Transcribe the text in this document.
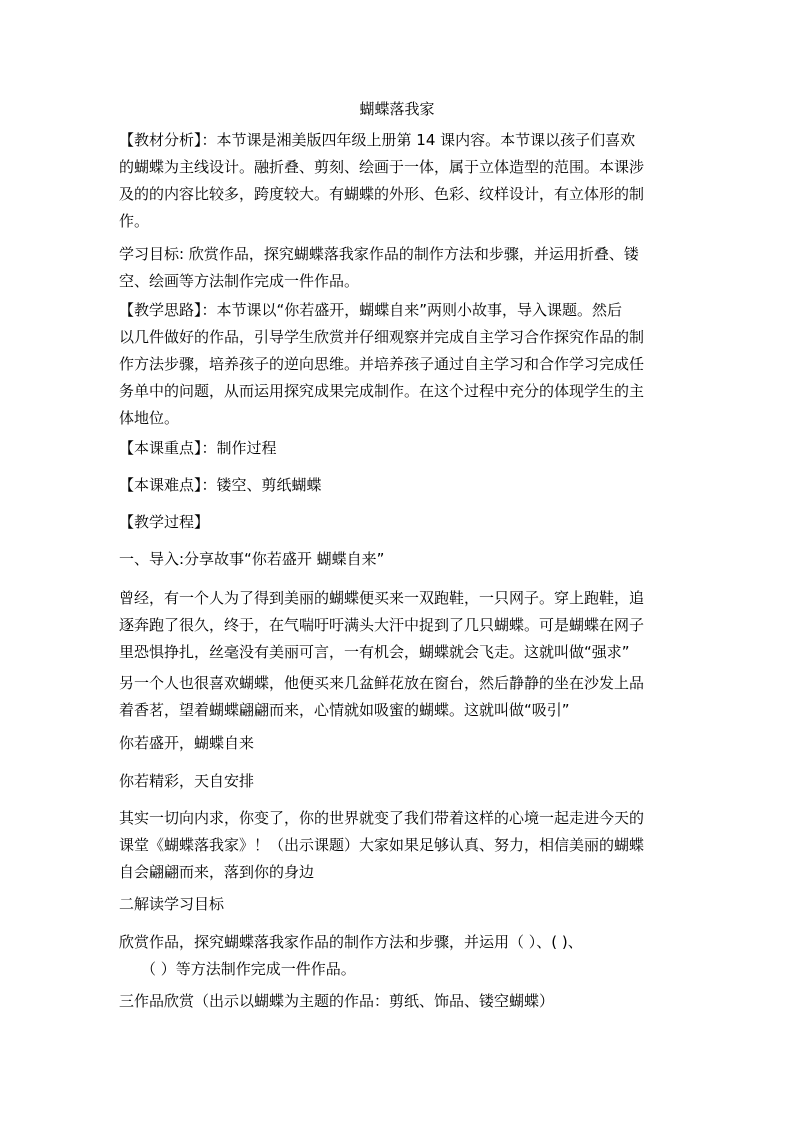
蝴蝶落我家
【教材分析】：本节课是湘美版四年级上册第 14 课内容。本节课以孩子们喜欢
的蝴蝶为主线设计。融折叠、剪刻、绘画于一体，属于立体造型的范围。本课涉
及的的内容比较多，跨度较大。有蝴蝶的外形、色彩、纹样设计，有立体形的制
作。
学习目标: 欣赏作品，探究蝴蝶落我家作品的制作方法和步骤，并运用折叠、镂
空、绘画等方法制作完成一件作品。
【教学思路】：本节课以“你若盛开，蝴蝶自来”两则小故事，导入课题。然后
以几件做好的作品，引导学生欣赏并仔细观察并完成自主学习合作探究作品的制
作方法步骤，培养孩子的逆向思维。并培养孩子通过自主学习和合作学习完成任
务单中的问题，从而运用探究成果完成制作。在这个过程中充分的体现学生的主
体地位。
【本课重点】：制作过程
【本课难点】：镂空、剪纸蝴蝶
【教学过程】
一、导入:分享故事“你若盛开 蝴蝶自来”
曾经，有一个人为了得到美丽的蝴蝶便买来一双跑鞋，一只网子。穿上跑鞋，追
逐奔跑了很久，终于，在气喘吁吁满头大汗中捉到了几只蝴蝶。可是蝴蝶在网子
里恐惧挣扎，丝毫没有美丽可言，一有机会，蝴蝶就会飞走。这就叫做“强求”
另一个人也很喜欢蝴蝶，他便买来几盆鲜花放在窗台，然后静静的坐在沙发上品
着香茗，望着蝴蝶翩翩而来，心情就如吸蜜的蝴蝶。这就叫做“吸引”
你若盛开，蝴蝶自来
你若精彩，天自安排
其实一切向内求，你变了，你的世界就变了我们带着这样的心境一起走进今天的
课堂《蝴蝶落我家》！（出示课题）大家如果足够认真、努力，相信美丽的蝴蝶
自会翩翩而来，落到你的身边
二解读学习目标
欣赏作品，探究蝴蝶落我家作品的制作方法和步骤，并运用（ ）、( )、
（ ）等方法制作完成一件作品。
三作品欣赏（出示以蝴蝶为主题的作品：剪纸、饰品、镂空蝴蝶）
